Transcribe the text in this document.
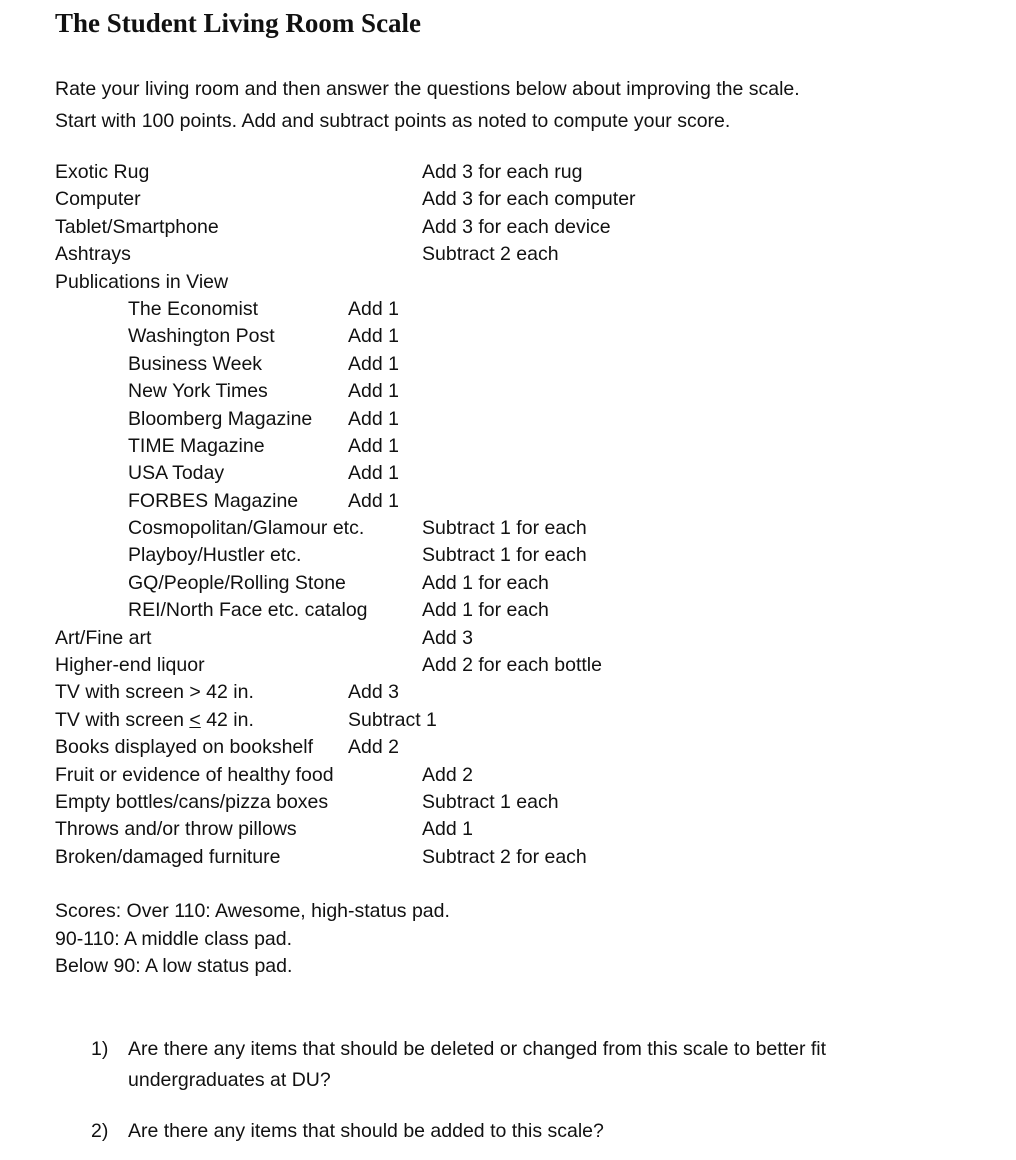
The Student Living Room Scale

Rate your living room and then answer the questions below about improving the scale.

Start with 100 points. Add and subtract points as noted to compute your score.

Exotic Rug	Add 3 for each rug
Computer	Add 3 for each computer
Tablet/Smartphone	Add 3 for each device
Ashtrays	Subtract 2 each
Publications in View
The Economist	Add 1
Washington Post	Add 1
Business Week	Add 1
New York Times	Add 1
Bloomberg Magazine Add 1
TIME Magazine	Add 1
USA Today	Add 1
FORBES Magazine	Add 1
Cosmopolitan/Glamour etc.	Subtract 1 for each
Playboy/Hustler etc.	Subtract 1 for each
GQ/People/Rolling Stone	Add 1 for each
REI/North Face etc. catalog	Add 1 for each
Art/Fine art	Add 3
Higher-end liquor	Add 2 for each bottle
TV with screen > 42 in.	Add 3
TV with screen < 42 in.	Subtract 1
Books displayed on bookshelf Add 2
Fruit or evidence of healthy food	Add 2
Empty bottles/cans/pizza boxes	Subtract 1 each
Throws and/or throw pillows	Add 1
Broken/damaged furniture	Subtract 2 for each
Scores: Over 110: Awesome, high-status pad.
90-110: A middle class pad.
Below 90: A low status pad.
1) Are there any items that should be deleted or changed from this scale to better fit undergraduates at DU?
2) Are there any items that should be added to this scale?
